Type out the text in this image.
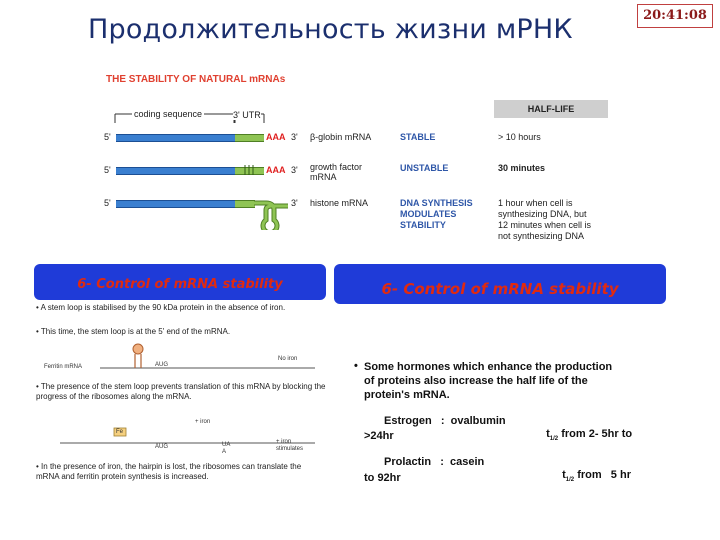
Продолжительность жизни мРНК	20:41:08
THE STABILITY OF NATURAL mRNAs
coding sequence	3' UTR
HALF-LIFE
5'	AAA 3' β-globin mRNA	STABLE	> 10 hours
5'	AAA 3' growth factor
mRNA
UNSTABLE	30 minutes
5'	3' histone mRNA	DNA SYNTHESIS
MODULATES
STABILITY
1 hour when cell is
synthesizing DNA, but
12 minutes when cell is
not synthesizing DNA
6- Control of mRNA stability
• A stem loop is stabilised by the 90 kDa protein in the absence of iron.
• This time, the stem loop is at the 5' end of the mRNA.
Ferritin mRNA	AUG
No iron
• The presence of the stem loop prevents translation of this mRNA by blocking the progress of the ribosomes along the mRNA.
+ iron
Fe
AUG	UA
A
+ iron
stimulates
• In the presence of iron, the hairpin is lost, the ribosomes can translate the mRNA and ferritin protein synthesis is increased.
6- Control of mRNA stability
• Some hormones which enhance the production
of proteins also increase the half life of the
protein's mRNA.
Estrogen   :  ovalbumin

$t_{1/2}$ from 2- 5hr to

>24hr
Prolactin   :  casein

$t_{1/2}$ from   5 hr

to 92hr
